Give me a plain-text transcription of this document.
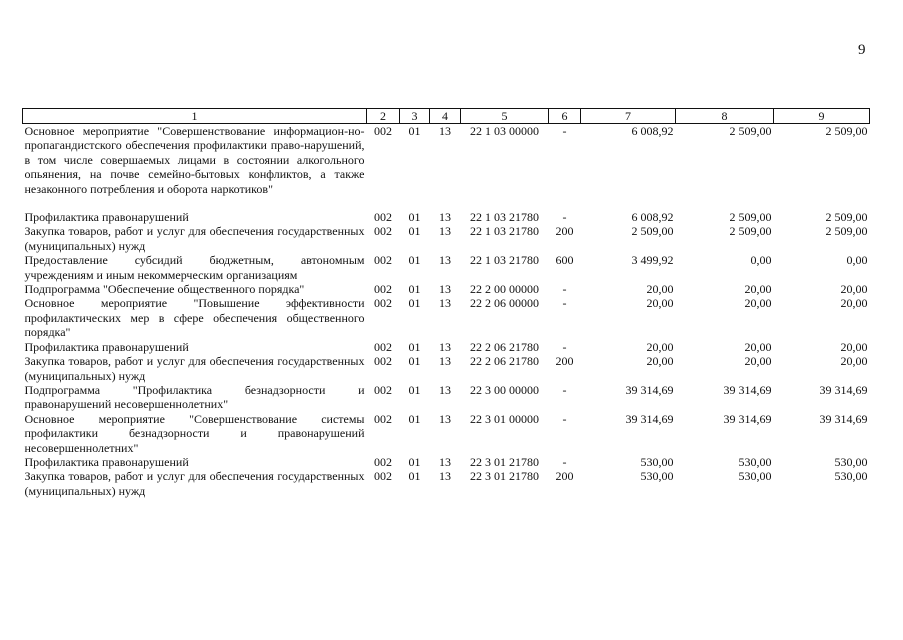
9
1	2	3	4	5	6	7	8	9
Основное мероприятие "Совершенствование информацион-но-пропагандистского обеспечения профилактики право-нарушений, в том числе совершаемых лицами в состоянии алкогольного опьянения, на почве семейно-бытовых конфликтов, а также незаконного потребления и оборота наркотиков"	002	01	13	22 1 03 00000	-	6 008,92	2 509,00	2 509,00

Профилактика правонарушений	002	01	13	22 1 03 21780	-	6 008,92	2 509,00	2 509,00
Закупка товаров, работ и услуг для обеспечения государственных (муниципальных) нужд	002	01	13	22 1 03 21780	200	2 509,00	2 509,00	2 509,00
Предоставление субсидий бюджетным, автономным учреждениям и иным некоммерческим организациям	002	01	13	22 1 03 21780	600	3 499,92	0,00	0,00
Подпрограмма "Обеспечение общественного порядка"	002	01	13	22 2 00 00000	-	20,00	20,00	20,00
Основное мероприятие "Повышение эффективности профилактических мер в сфере обеспечения общественного порядка"	002	01	13	22 2 06 00000	-	20,00	20,00	20,00
Профилактика правонарушений	002	01	13	22 2 06 21780	-	20,00	20,00	20,00
Закупка товаров, работ и услуг для обеспечения государственных (муниципальных) нужд	002	01	13	22 2 06 21780	200	20,00	20,00	20,00
Подпрограмма "Профилактика безнадзорности и правонарушений несовершеннолетних"	002	01	13	22 3 00 00000	-	39 314,69	39 314,69	39 314,69
Основное мероприятие "Совершенствование системы профилактики безнадзорности и правонарушений несовершеннолетних"	002	01	13	22 3 01 00000	-	39 314,69	39 314,69	39 314,69
Профилактика правонарушений	002	01	13	22 3 01 21780	-	530,00	530,00	530,00
Закупка товаров, работ и услуг для обеспечения государственных (муниципальных) нужд	002	01	13	22 3 01 21780	200	530,00	530,00	530,00
